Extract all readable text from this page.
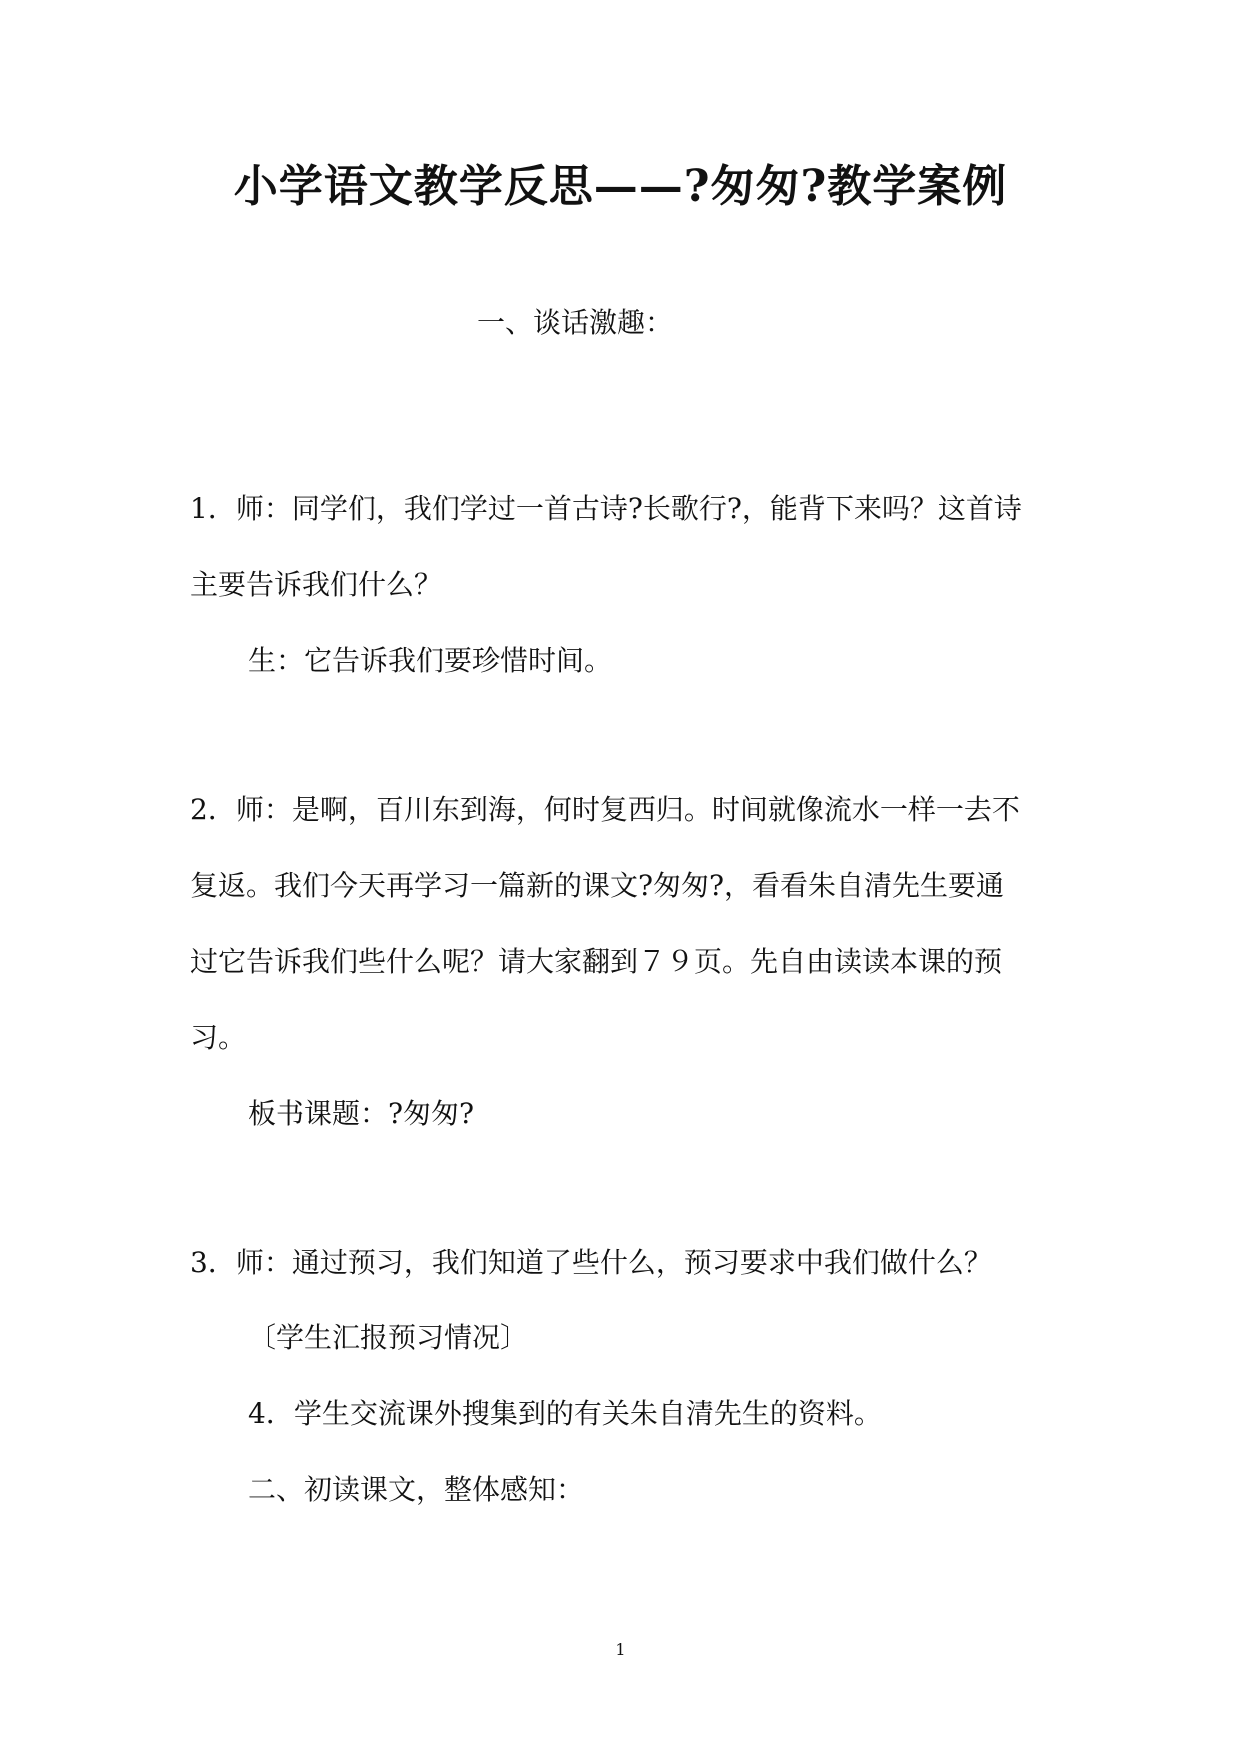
小学语文教学反思——?匆匆?教学案例
一、谈话激趣：
1．师：同学们，我们学过一首古诗?长歌行?，能背下来吗？这首诗
主要告诉我们什么？
生：它告诉我们要珍惜时间。
2．师：是啊，百川东到海，何时复西归。时间就像流水一样一去不
复返。我们今天再学习一篇新的课文?匆匆?，看看朱自清先生要通
过它告诉我们些什么呢？请大家翻到７９页。先自由读读本课的预
习。
板书课题：?匆匆?
3．师：通过预习，我们知道了些什么，预习要求中我们做什么？
〔学生汇报预习情况〕
4．学生交流课外搜集到的有关朱自清先生的资料。
二、初读课文，整体感知：
1
